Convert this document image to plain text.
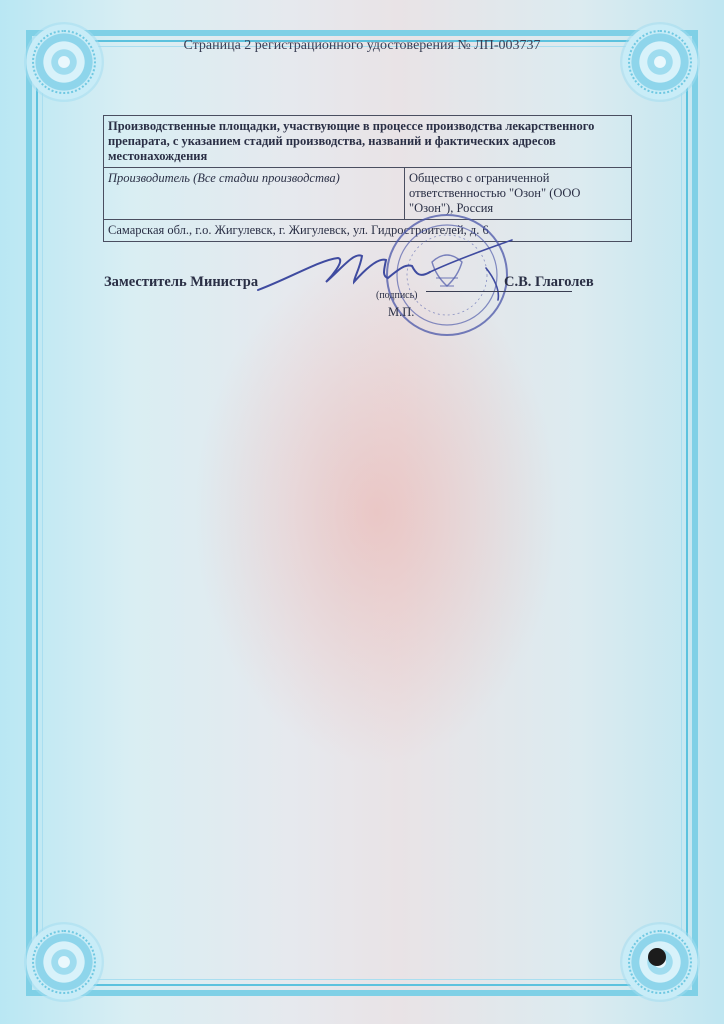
Страница 2 регистрационного удостоверения № ЛП-003737
Производственные площадки, участвующие в процессе производства лекарственного препарата, с указанием стадий производства, названий и фактических адресов местонахождения
Производитель (Все стадии производства)	Общество с ограниченной ответственностью "Озон" (ООО "Озон"), Россия
Самарская обл., г.о. Жигулевск, г. Жигулевск, ул. Гидростроителей, д. 6
Заместитель Министра	С.В. Глаголев
(подпись)
М.П.
